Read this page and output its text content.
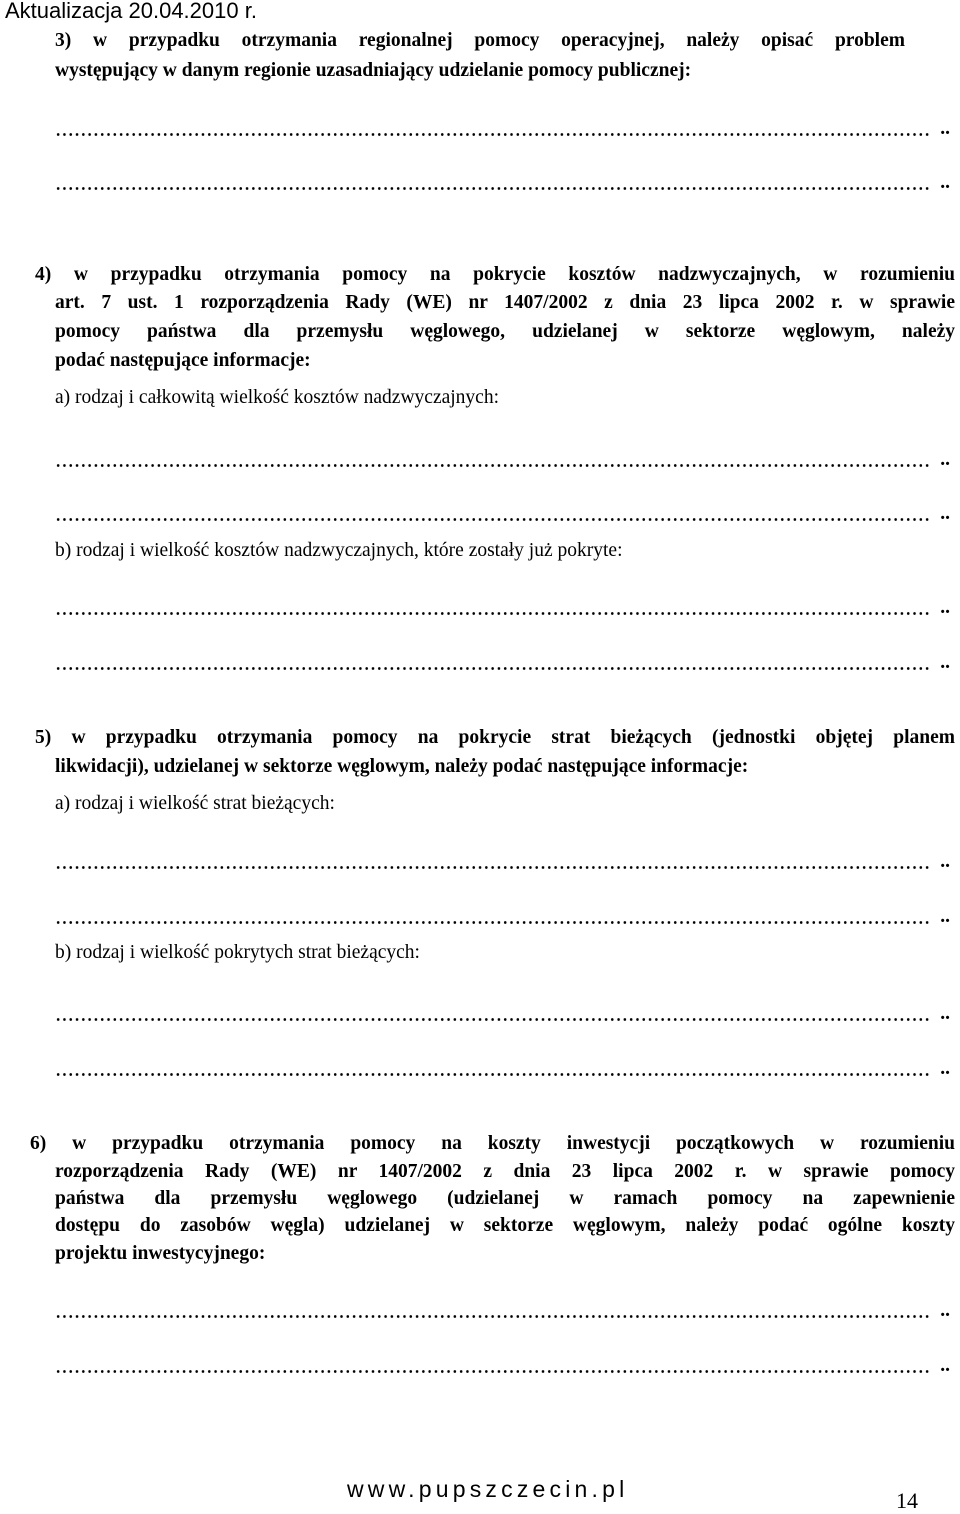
Aktualizacja 20.04.2010 r.
3) w przypadku otrzymania regionalnej pomocy operacyjnej, należy opisać problem
występujący w danym regionie uzasadniający udzielanie pomocy publicznej:
..
..
4) w przypadku otrzymania pomocy na pokrycie kosztów nadzwyczajnych, w rozumieniu
art. 7 ust. 1 rozporządzenia Rady (WE) nr 1407/2002 z dnia 23 lipca 2002 r. w sprawie
pomocy państwa dla przemysłu węglowego, udzielanej w sektorze węglowym, należy
podać następujące informacje:
a) rodzaj i całkowitą wielkość kosztów nadzwyczajnych:
..
..
b) rodzaj i wielkość kosztów nadzwyczajnych, które zostały już pokryte:
..
..
5) w przypadku otrzymania pomocy na pokrycie strat bieżących (jednostki objętej planem
likwidacji), udzielanej w sektorze węglowym, należy podać następujące informacje:
a) rodzaj i wielkość strat bieżących:
..
..
b) rodzaj i wielkość pokrytych strat bieżących:
..
..
6) w przypadku otrzymania pomocy na koszty inwestycji początkowych w rozumieniu
rozporządzenia Rady (WE) nr 1407/2002 z dnia 23 lipca 2002 r. w sprawie pomocy
państwa dla przemysłu węglowego (udzielanej w ramach pomocy na zapewnienie
dostępu do zasobów węgla) udzielanej w sektorze węglowym, należy podać ogólne koszty
projektu inwestycyjnego:
..
..
www.pupszczecin.pl	14
